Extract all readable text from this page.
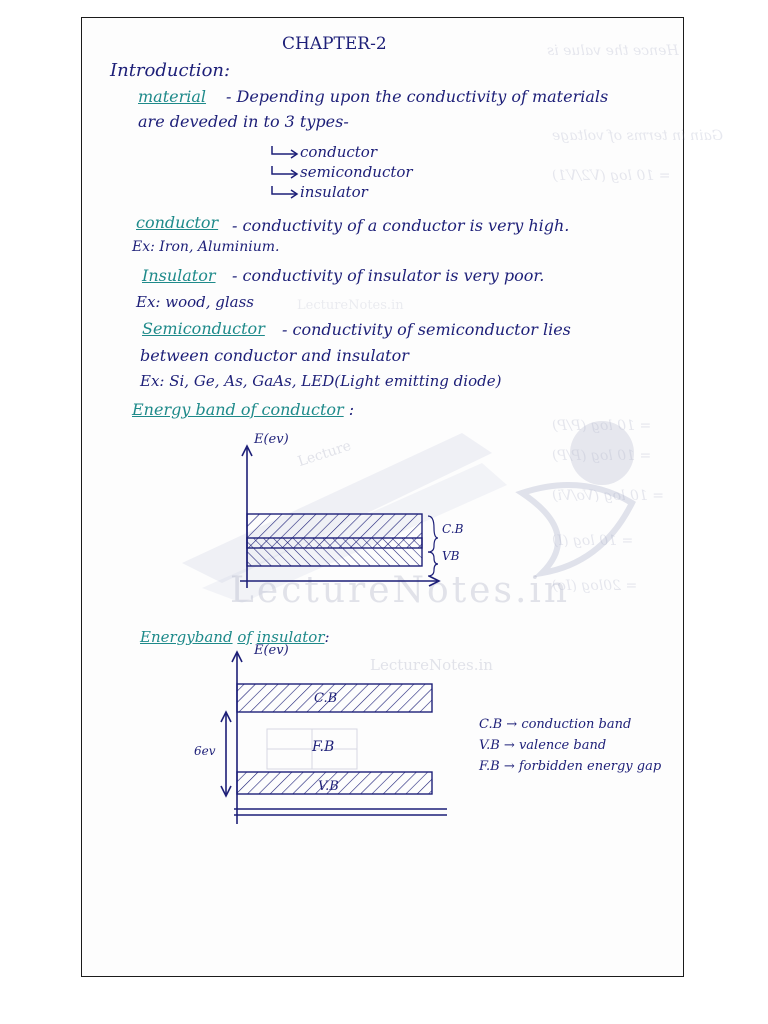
Hence the value is
Gain in terms of voltage
= 10 log (V2/V1)
= 10 log (P/P)
= 10 log (P/P)
= 10 log (Vo/Vi)
= 10 log (I)
= 20log (Io)
Lecture
LectureNotes.in
LectureNotes.in
LectureNotes.in
CHAPTER-2
Introduction:
material - Depending upon the conductivity of materials
are deveded in to 3 types-
conductor
semiconductor
insulator
conductor - conductivity of a conductor is very high.
Ex: Iron, Aluminium.
Insulator - conductivity of insulator is very poor.
Ex: wood, glass
Semiconductor - conductivity of semiconductor lies
between conductor and insulator
Ex: Si, Ge, As, GaAs, LED(Light emitting diode)
Energy band of conductor :
E(ev)
C.B
VB
Energyband of insulator:
E(ev)
C.B
F.B
V.B
6ev
C.B → conduction band
V.B → valence band
F.B → forbidden energy gap
